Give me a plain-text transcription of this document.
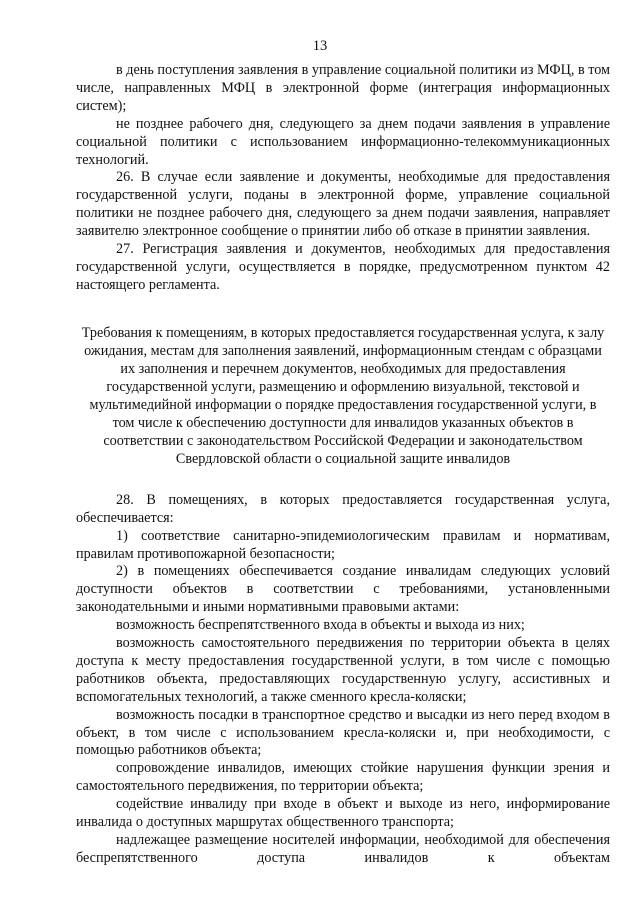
13

в день поступления заявления в управление социальной политики из МФЦ, в том числе, направленных МФЦ в электронной форме (интеграция информационных систем);

не позднее рабочего дня, следующего за днем подачи заявления в управление социальной политики с использованием информационно-телекоммуникационных технологий.

26. В случае если заявление и документы, необходимые для предоставления государственной услуги, поданы в электронной форме, управление социальной политики не позднее рабочего дня, следующего за днем подачи заявления, направляет заявителю электронное сообщение о принятии либо об отказе в принятии заявления.

27. Регистрация заявления и документов, необходимых для предоставления государственной услуги, осуществляется в порядке, предусмотренном пунктом 42 настоящего регламента.

Требования к помещениям, в которых предоставляется государственная услуга, к залу ожидания, местам для заполнения заявлений, информационным стендам с образцами их заполнения и перечнем документов, необходимых для предоставления государственной услуги, размещению и оформлению визуальной, текстовой и мультимедийной информации о порядке предоставления государственной услуги, в том числе к обеспечению доступности для инвалидов указанных объектов в соответствии с законодательством Российской Федерации и законодательством Свердловской области о социальной защите инвалидов

28. В помещениях, в которых предоставляется государственная услуга, обеспечивается:

1) соответствие санитарно-эпидемиологическим правилам и нормативам, правилам противопожарной безопасности;

2) в помещениях обеспечивается создание инвалидам следующих условий доступности объектов в соответствии с требованиями, установленными законодательными и иными нормативными правовыми актами:

возможность беспрепятственного входа в объекты и выхода из них;

возможность самостоятельного передвижения по территории объекта в целях доступа к месту предоставления государственной услуги, в том числе с помощью работников объекта, предоставляющих государственную услугу, ассистивных и вспомогательных технологий, а также сменного кресла-коляски;

возможность посадки в транспортное средство и высадки из него перед входом в объект, в том числе с использованием кресла-коляски и, при необходимости, с помощью работников объекта;

сопровождение инвалидов, имеющих стойкие нарушения функции зрения и самостоятельного передвижения, по территории объекта;

содействие инвалиду при входе в объект и выходе из него, информирование инвалида о доступных маршрутах общественного транспорта;

надлежащее размещение носителей информации, необходимой для обеспечения беспрепятственного доступа инвалидов к объектам
